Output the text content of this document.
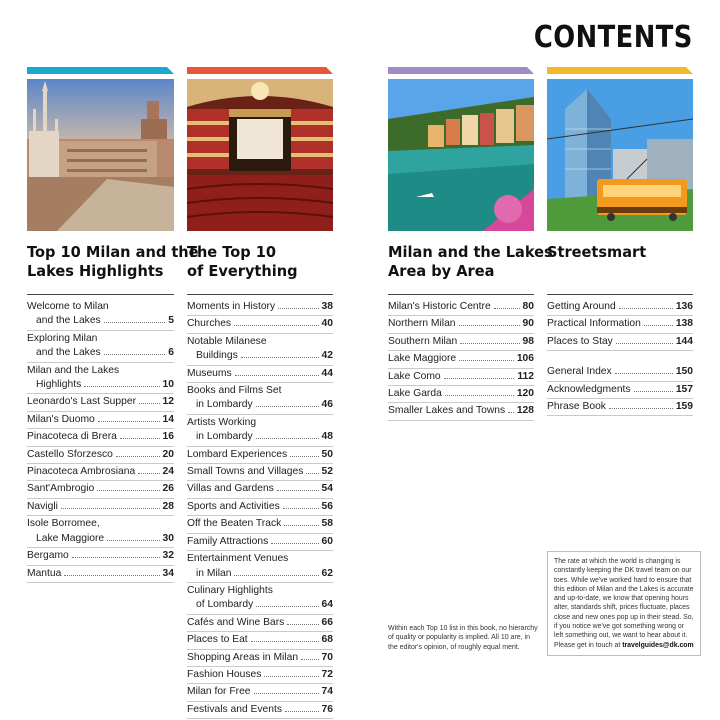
CONTENTS
Top 10 Milan and the
Lakes Highlights
Welcome to Milan
and the Lakes	5
Exploring Milan
and the Lakes	6
Milan and the Lakes
Highlights	10
Leonardo's Last Supper	12
Milan's Duomo	14
Pinacoteca di Brera	16
Castello Sforzesco	20
Pinacoteca Ambrosiana	24
Sant'Ambrogio	26
Navigli	28
Isole Borromee,
Lake Maggiore	30
Bergamo	32
Mantua	34
The Top 10
of Everything
Moments in History	38
Churches	40
Notable Milanese
Buildings	42
Museums	44
Books and Films Set
in Lombardy	46
Artists Working
in Lombardy	48
Lombard Experiences	50
Small Towns and Villages 52
Villas and Gardens	54
Sports and Activities	56
Off the Beaten Track	58
Family Attractions	60
Entertainment Venues
in Milan	62
Culinary Highlights
of Lombardy	64
Cafés and Wine Bars	66
Places to Eat	68
Shopping Areas in Milan 70
Fashion Houses	72
Milan for Free	74
Festivals and Events	76
Milan and the Lakes
Area by Area
Milan's Historic Centre	80
Northern Milan	90
Southern Milan	98
Lake Maggiore	106
Lake Como	112
Lake Garda	120
Smaller Lakes and Towns 128
Streetsmart

Getting Around	136
Practical Information	138
Places to Stay	144
General Index	150
Acknowledgments	157
Phrase Book	159
Within each Top 10 list in this book, no hierarchy of quality or popularity is implied. All 10 are, in the editor's opinion, of roughly equal merit.
The rate at which the world is changing is constantly keeping the DK travel team on our toes. While we've worked hard to ensure that this edition of Milan and the Lakes is accurate and up-to-date, we know that opening hours alter, standards shift, prices fluctuate, places close and new ones pop up in their stead. So, if you notice we've got something wrong or left something out, we want to hear about it. Please get in touch at travelguides@dk.com
